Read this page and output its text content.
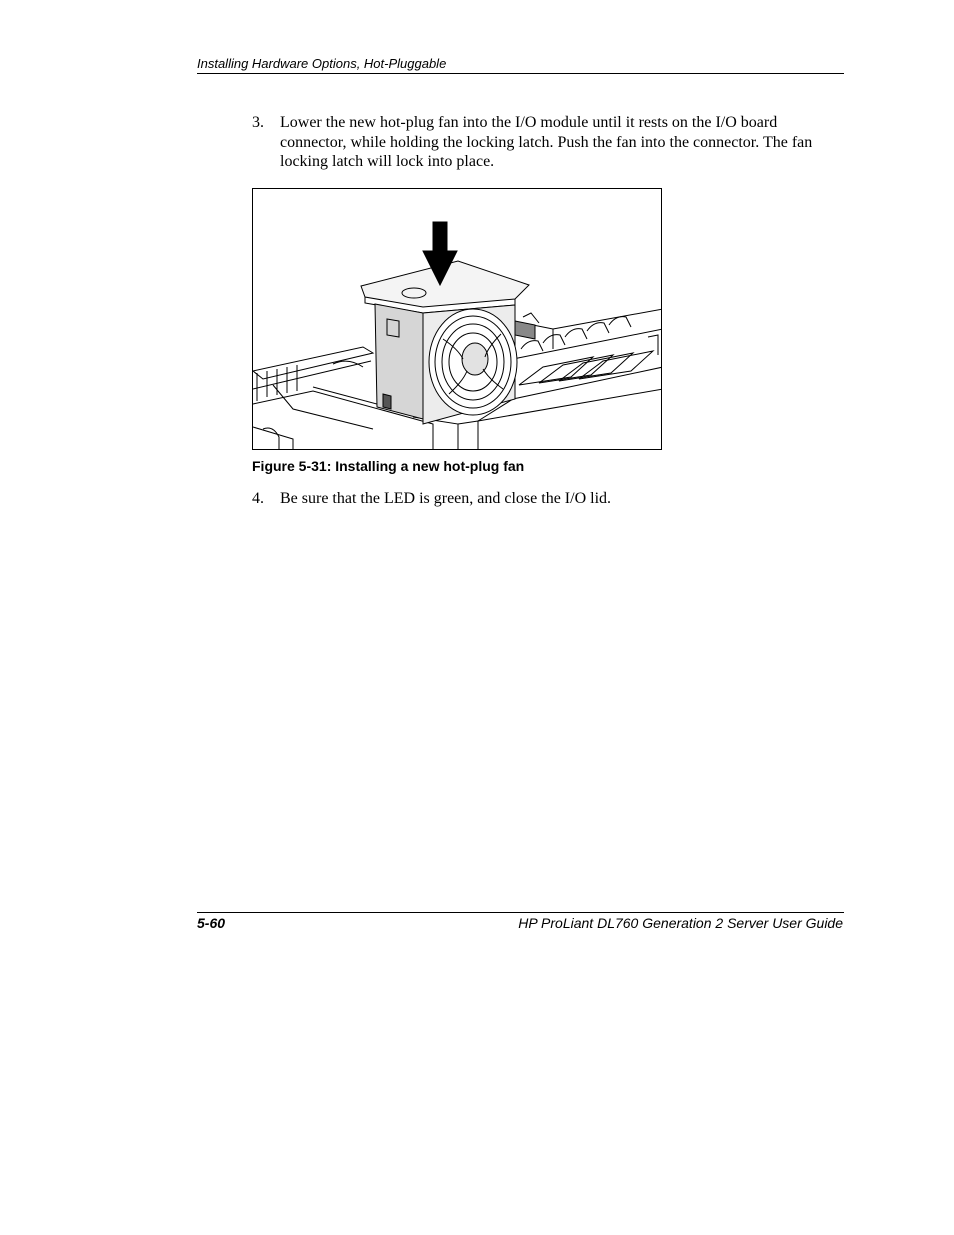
Installing Hardware Options, Hot-Pluggable
3.	Lower the new hot-plug fan into the I/O module until it rests on the I/O board connector, while holding the locking latch. Push the fan into the connector. The fan locking latch will lock into place.
Figure 5-31: Installing a new hot-plug fan
4.	Be sure that the LED is green, and close the I/O lid.
5-60	HP ProLiant DL760 Generation 2 Server User Guide
